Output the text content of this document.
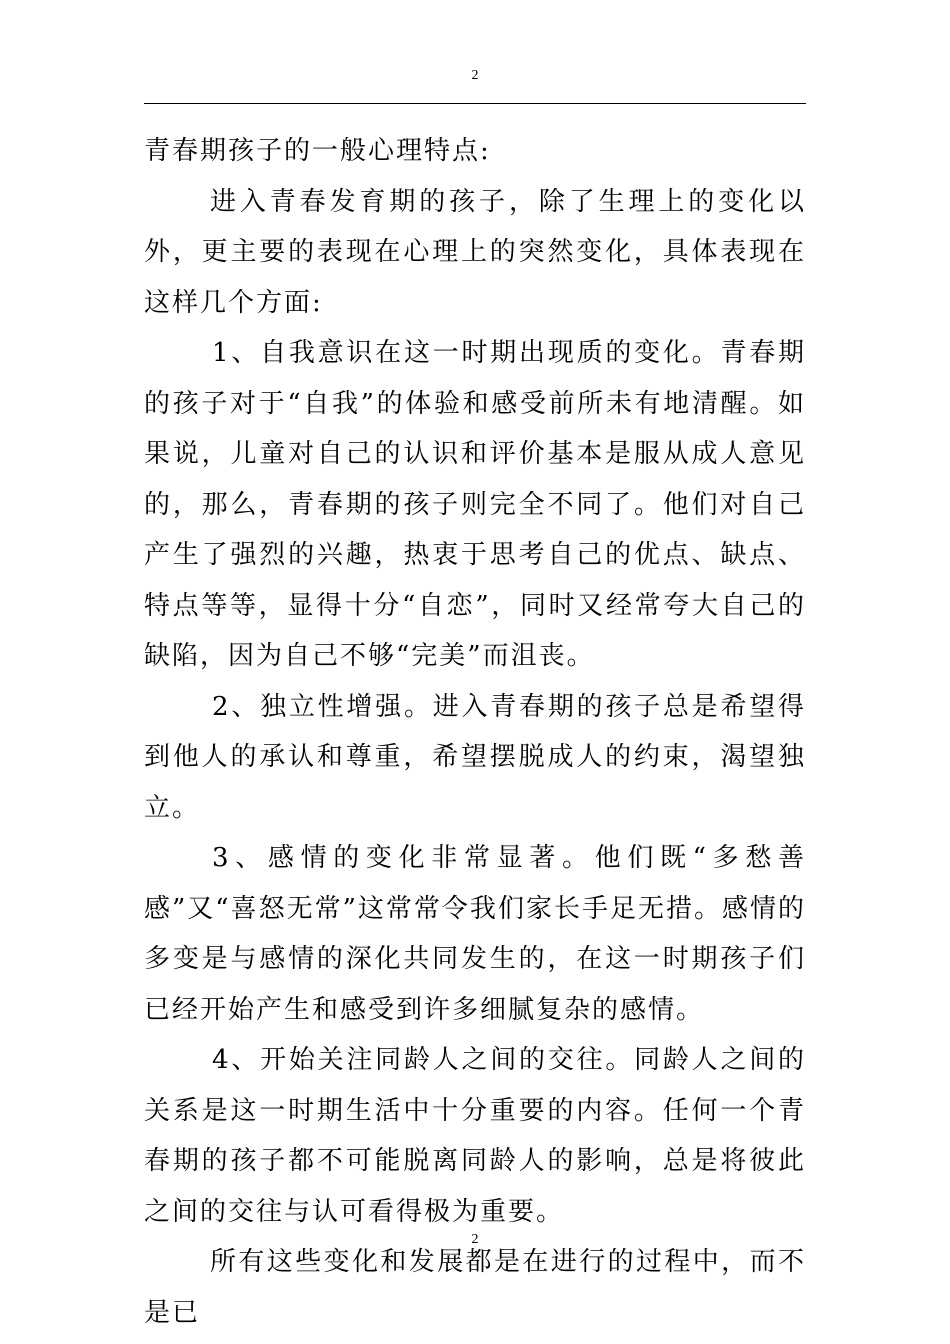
2

青春期孩子的一般心理特点:

进入青春发育期的孩子，除了生理上的变化以外，更主要的表现在心理上的突然变化，具体表现在这样几个方面:

1、自我意识在这一时期出现质的变化。青春期的孩子对于“自我”的体验和感受前所未有地清醒。如果说，儿童对自己的认识和评价基本是服从成人意见的，那么，青春期的孩子则完全不同了。他们对自己产生了强烈的兴趣，热衷于思考自己的优点、缺点、特点等等，显得十分“自恋”，同时又经常夸大自己的缺陷，因为自己不够“完美”而沮丧。

2、独立性增强。进入青春期的孩子总是希望得到他人的承认和尊重，希望摆脱成人的约束，渴望独立。

3、感情的变化非常显著。他们既“多愁善感”又“喜怒无常”这常常令我们家长手足无措。感情的多变是与感情的深化共同发生的，在这一时期孩子们已经开始产生和感受到许多细腻复杂的感情。

4、开始关注同龄人之间的交往。同龄人之间的关系是这一时期生活中十分重要的内容。任何一个青春期的孩子都不可能脱离同龄人的影响，总是将彼此之间的交往与认可看得极为重要。

所有这些变化和发展都是在进行的过程中，而不是已

2
